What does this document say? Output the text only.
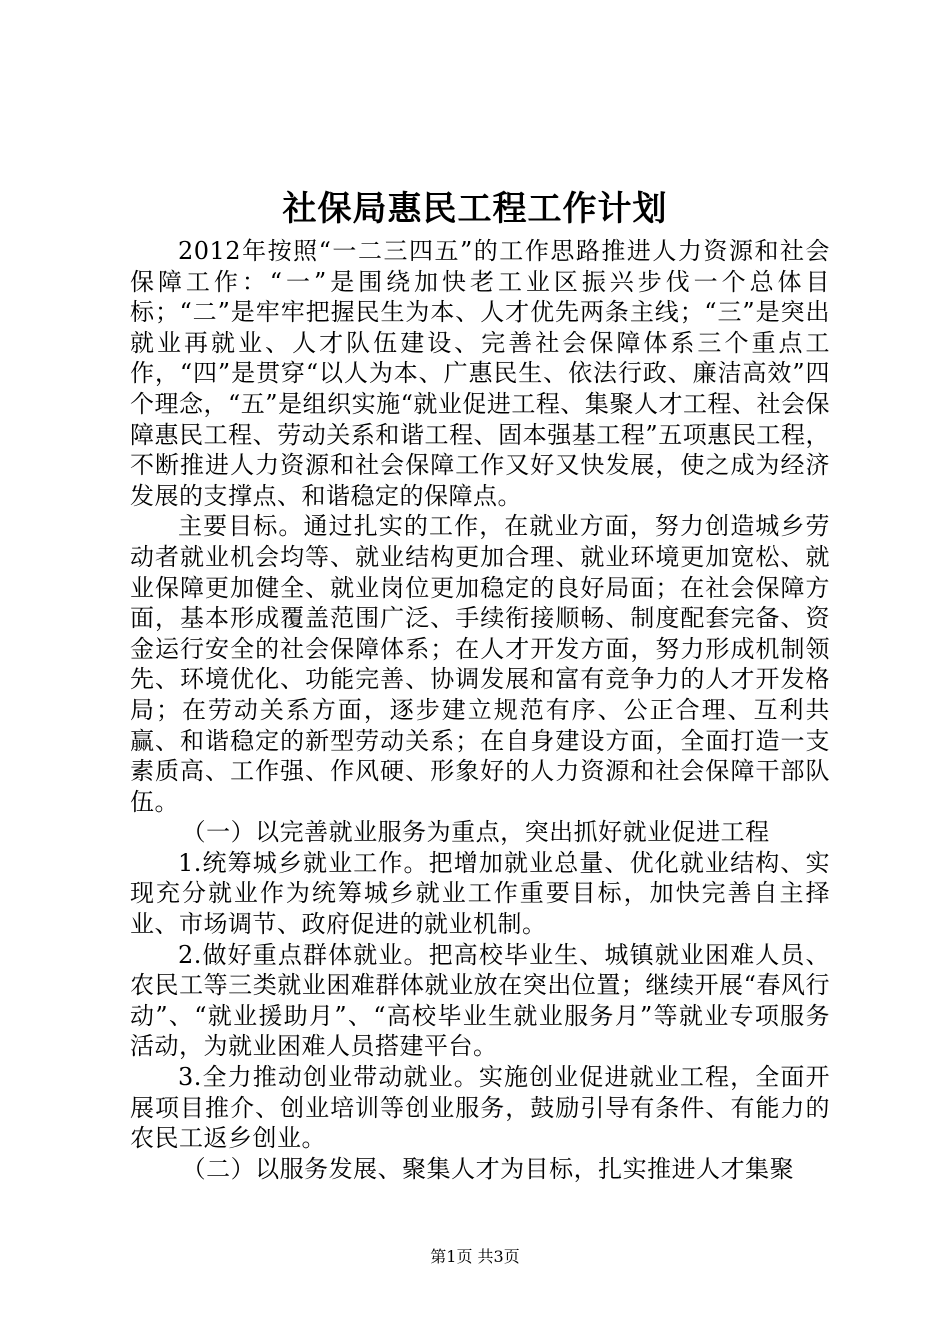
社保局惠民工程工作计划

2012年按照“一二三四五”的工作思路推进人力资源和社会保障工作：“一”是围绕加快老工业区振兴步伐一个总体目标；“二”是牢牢把握民生为本、人才优先两条主线；“三”是突出就业再就业、人才队伍建设、完善社会保障体系三个重点工作，“四”是贯穿“以人为本、广惠民生、依法行政、廉洁高效”四个理念，“五”是组织实施“就业促进工程、集聚人才工程、社会保障惠民工程、劳动关系和谐工程、固本强基工程”五项惠民工程，不断推进人力资源和社会保障工作又好又快发展，使之成为经济发展的支撑点、和谐稳定的保障点。

主要目标。通过扎实的工作，在就业方面，努力创造城乡劳动者就业机会均等、就业结构更加合理、就业环境更加宽松、就业保障更加健全、就业岗位更加稳定的良好局面；在社会保障方面，基本形成覆盖范围广泛、手续衔接顺畅、制度配套完备、资金运行安全的社会保障体系；在人才开发方面，努力形成机制领先、环境优化、功能完善、协调发展和富有竞争力的人才开发格局；在劳动关系方面，逐步建立规范有序、公正合理、互利共赢、和谐稳定的新型劳动关系；在自身建设方面，全面打造一支素质高、工作强、作风硬、形象好的人力资源和社会保障干部队伍。

（一）以完善就业服务为重点，突出抓好就业促进工程

1.统筹城乡就业工作。把增加就业总量、优化就业结构、实现充分就业作为统筹城乡就业工作重要目标，加快完善自主择业、市场调节、政府促进的就业机制。

2.做好重点群体就业。把高校毕业生、城镇就业困难人员、农民工等三类就业困难群体就业放在突出位置；继续开展“春风行动”、“就业援助月”、“高校毕业生就业服务月”等就业专项服务活动，为就业困难人员搭建平台。

3.全力推动创业带动就业。实施创业促进就业工程，全面开展项目推介、创业培训等创业服务，鼓励引导有条件、有能力的农民工返乡创业。

（二）以服务发展、聚集人才为目标，扎实推进人才集聚

第1页 共3页
